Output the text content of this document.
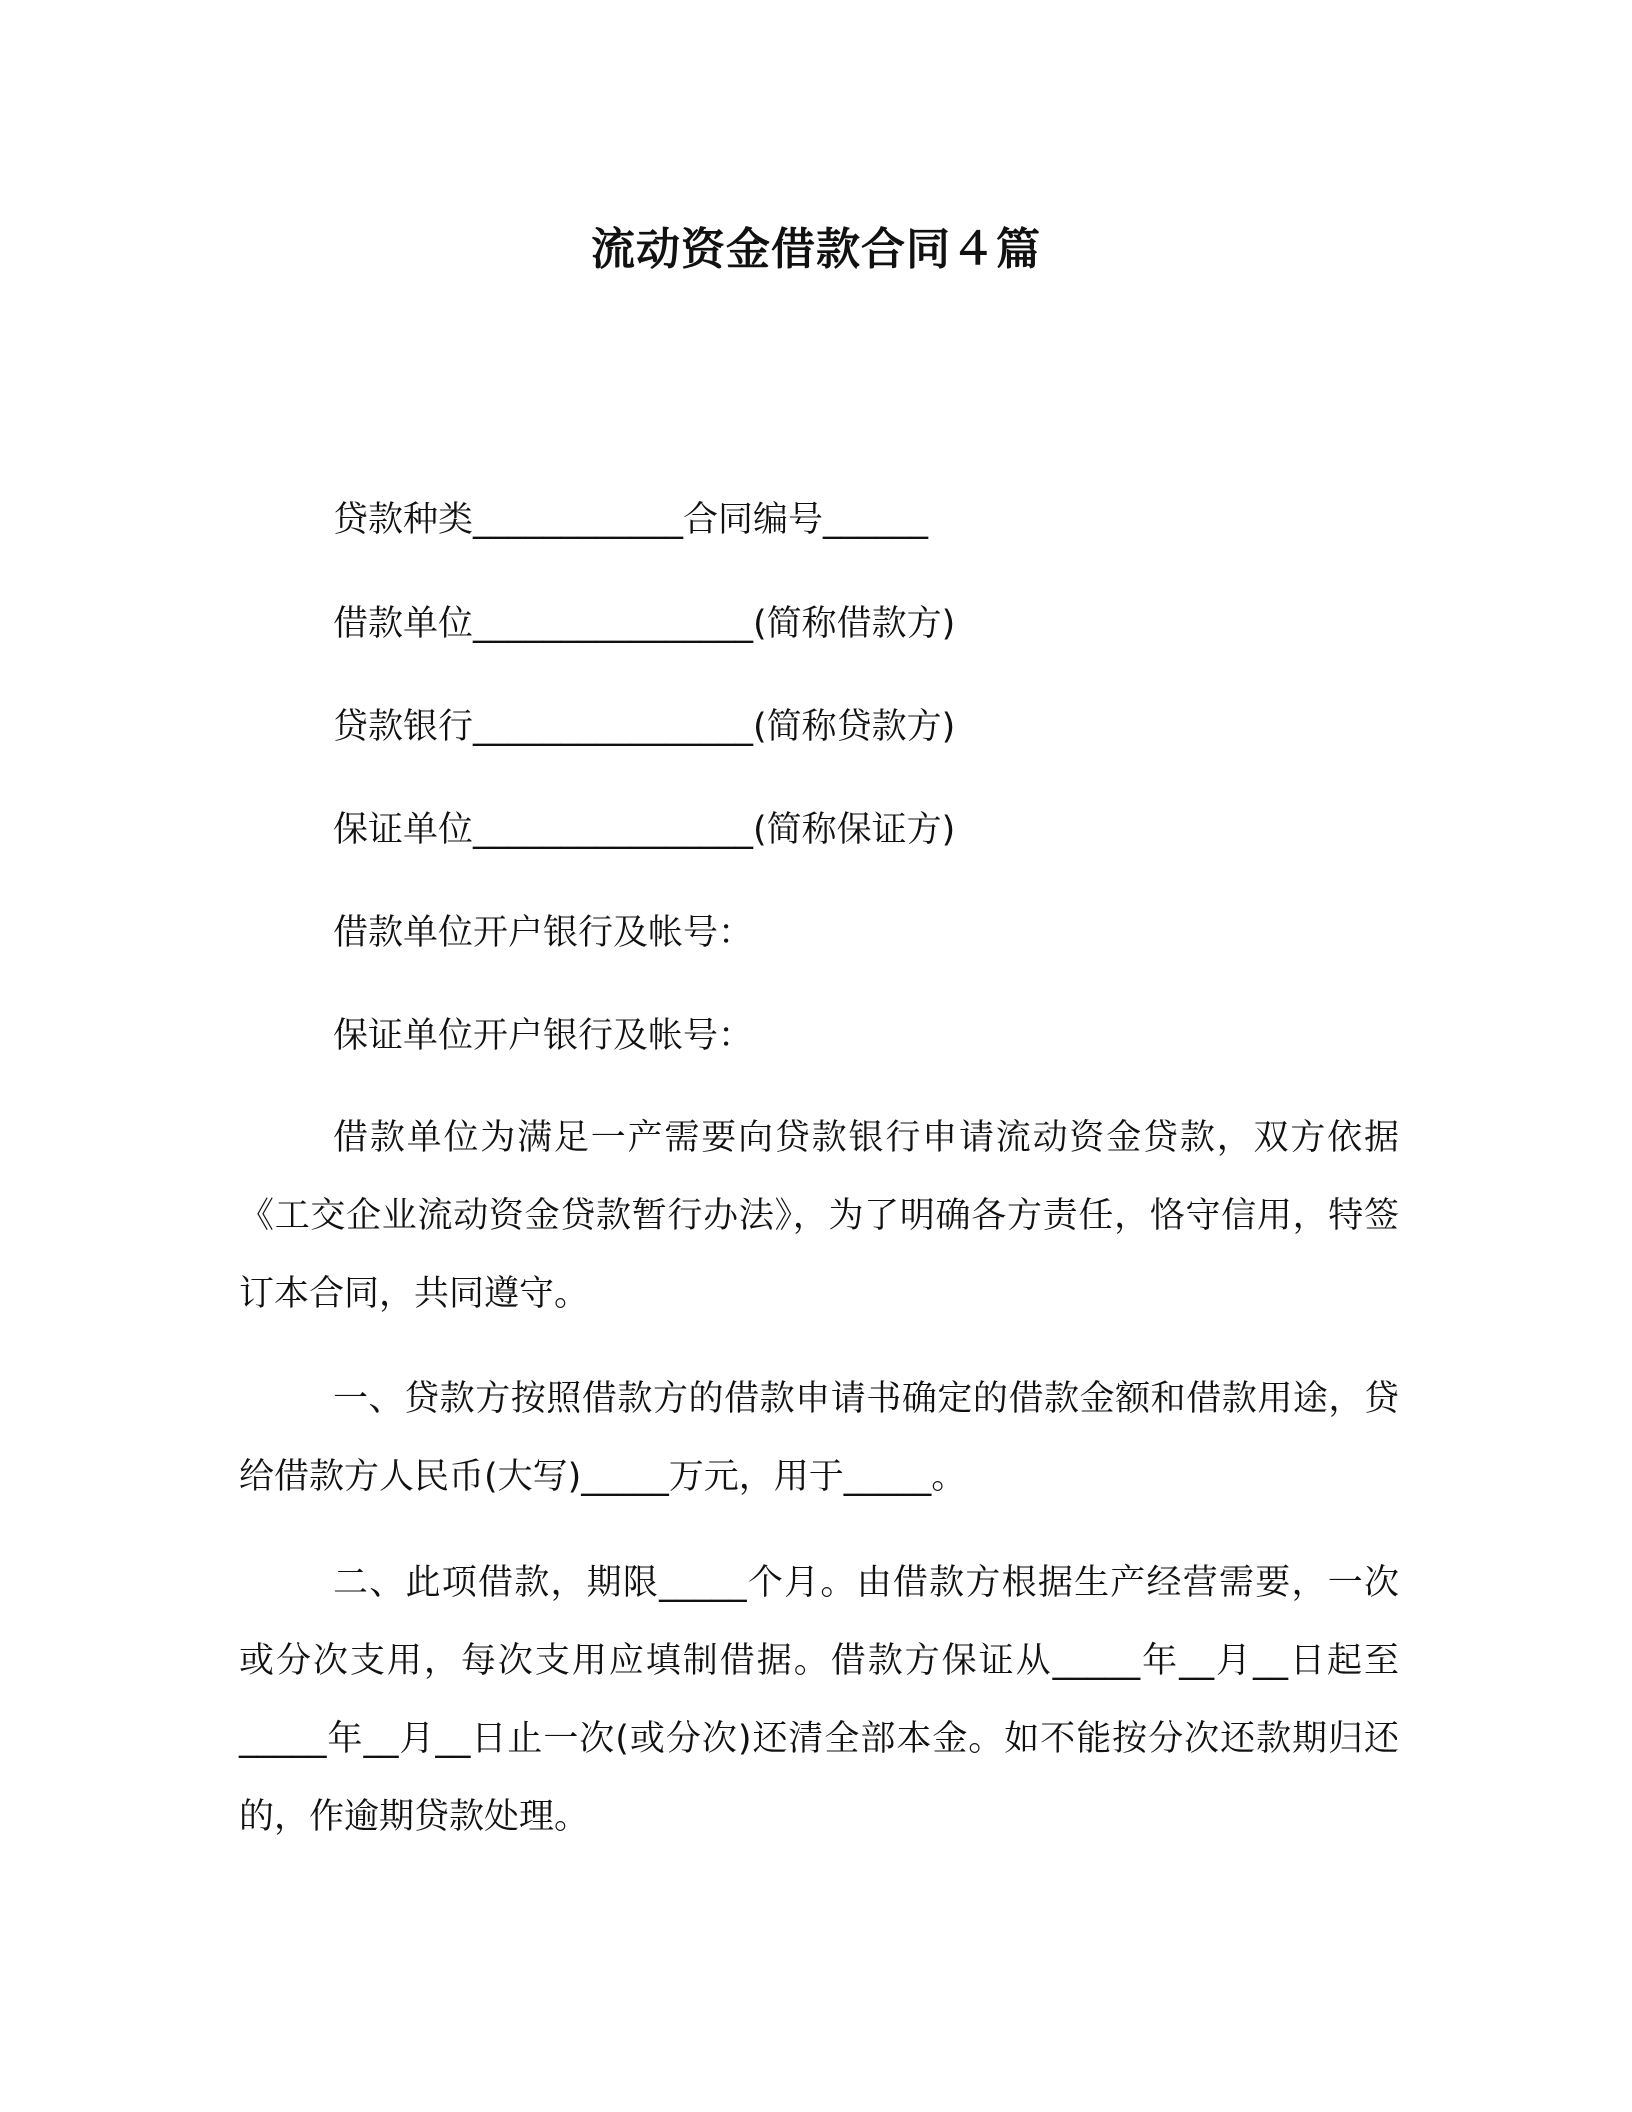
流动资金借款合同４篇

贷款种类____________合同编号______

借款单位________________(简称借款方)

贷款银行________________(简称贷款方)

保证单位________________(简称保证方)

借款单位开户银行及帐号：

保证单位开户银行及帐号：

借款单位为满足一产需要向贷款银行申请流动资金贷款，双方依据《工交企业流动资金贷款暂行办法》，为了明确各方责任，恪守信用，特签订本合同，共同遵守。

一、贷款方按照借款方的借款申请书确定的借款金额和借款用途，贷给借款方人民币(大写)_____万元，用于_____。

二、此项借款，期限_____个月。由借款方根据生产经营需要，一次或分次支用，每次支用应填制借据。借款方保证从_____年__月__日起至_____年__月__日止一次(或分次)还清全部本金。如不能按分次还款期归还的，作逾期贷款处理。
